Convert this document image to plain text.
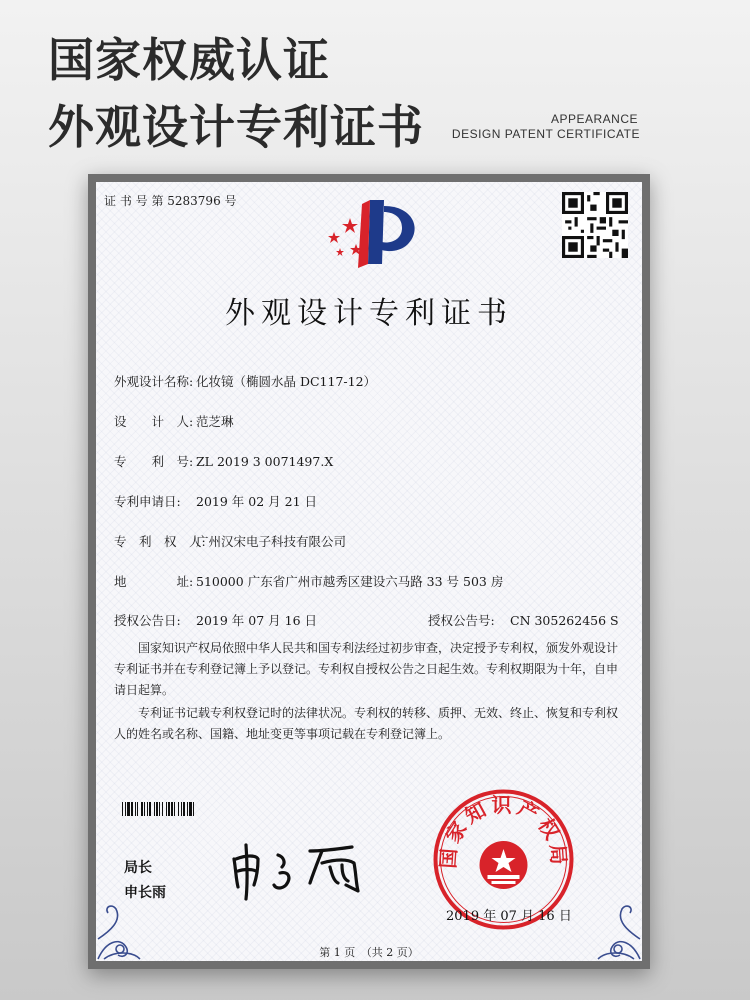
国家权威认证
外观设计专利证书	APPEARANCE
DESIGN PATENT CERTIFICATE
证 书 号 第 5283796 号
外观设计专利证书
外观设计名称: 化妆镜（椭圆水晶 DC117-12）
设　　计　人: 范芝琳
专　　利　号: ZL 2019 3 0071497.X
专利申请日: 2019 年 02 月 21 日
专　利　权　人:广州汉宋电子科技有限公司
地　　　　址: 510000 广东省广州市越秀区建设六马路 33 号 503 房
授权公告日: 2019 年 07 月 16 日	授权公告号: CN 305262456 S

国家知识产权局依照中华人民共和国专利法经过初步审查，决定授予专利权，颁发外观设计专利证书并在专利登记簿上予以登记。专利权自授权公告之日起生效。专利权期限为十年，自申请日起算。

专利证书记载专利权登记时的法律状况。专利权的转移、质押、无效、终止、恢复和专利权人的姓名或名称、国籍、地址变更等事项记载在专利登记簿上。

局长
申长雨
国家知识产权局
2019 年 07 月 16 日
第 1 页　（共 2 页）
